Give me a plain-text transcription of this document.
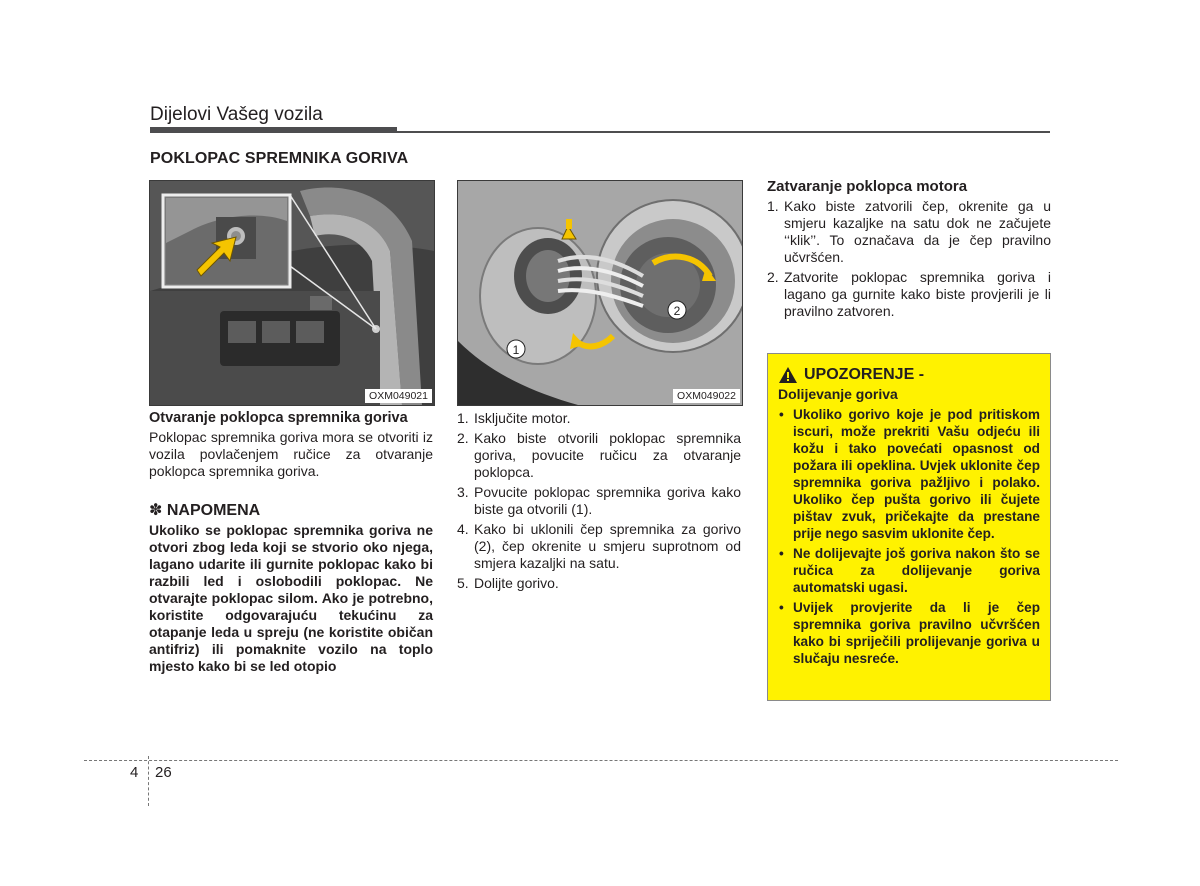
Dijelovi Vašeg vozila
POKLOPAC SPREMNIKA GORIVA
OXM049021
1
2
OXM049022
Otvaranje poklopca spremnika goriva
Poklopac spremnika goriva mora se otvoriti iz vozila povlačenjem ručice za otvaranje poklopca spremnika goriva.
✽ NAPOMENA
Ukoliko se poklopac spremnika goriva ne otvori zbog leda koji se stvorio oko njega, lagano udarite ili gurnite poklopac kako bi razbili led i oslobodili poklopac. Ne otvarajte poklopac silom. Ako je potrebno, koristite odgovarajuću tekućinu za otapanje leda u spreju (ne koristite običan antifriz) ili pomaknite vozilo na toplo mjesto kako bi se led otopio
1. Isključite motor.
2. Kako biste otvorili poklopac spremnika goriva, povucite ručicu za otvaranje poklopca.
3. Povucite poklopac spremnika goriva kako biste ga otvorili (1).
4. Kako bi uklonili čep spremnika za gorivo (2), čep okrenite u smjeru suprotnom od smjera kazaljki na satu.
5. Dolijte gorivo.
Zatvaranje poklopca motora
1. Kako biste zatvorili čep, okrenite ga u smjeru kazaljke na satu dok ne začujete ‘‘klik’’. To označava da je čep pravilno učvršćen.
2. Zatvorite poklopac spremnika goriva i lagano ga gurnite kako biste provjerili je li pravilno zatvoren.
UPOZORENJE -
Dolijevanje goriva
• Ukoliko gorivo koje je pod pritiskom iscuri, može prekriti Vašu odjeću ili kožu i tako povećati opasnost od požara ili opeklina. Uvjek uklonite čep spremnika goriva pažljivo i polako. Ukoliko čep pušta gorivo ili čujete pištav zvuk, pričekajte da prestane prije nego sasvim uklonite čep.
• Ne dolijevajte još goriva nakon što se ručica za dolijevanje goriva automatski ugasi.
• Uvijek provjerite da li je čep spremnika goriva pravilno učvršćen kako bi spriječili prolijevanje goriva u slučaju nesreće.
4 26
